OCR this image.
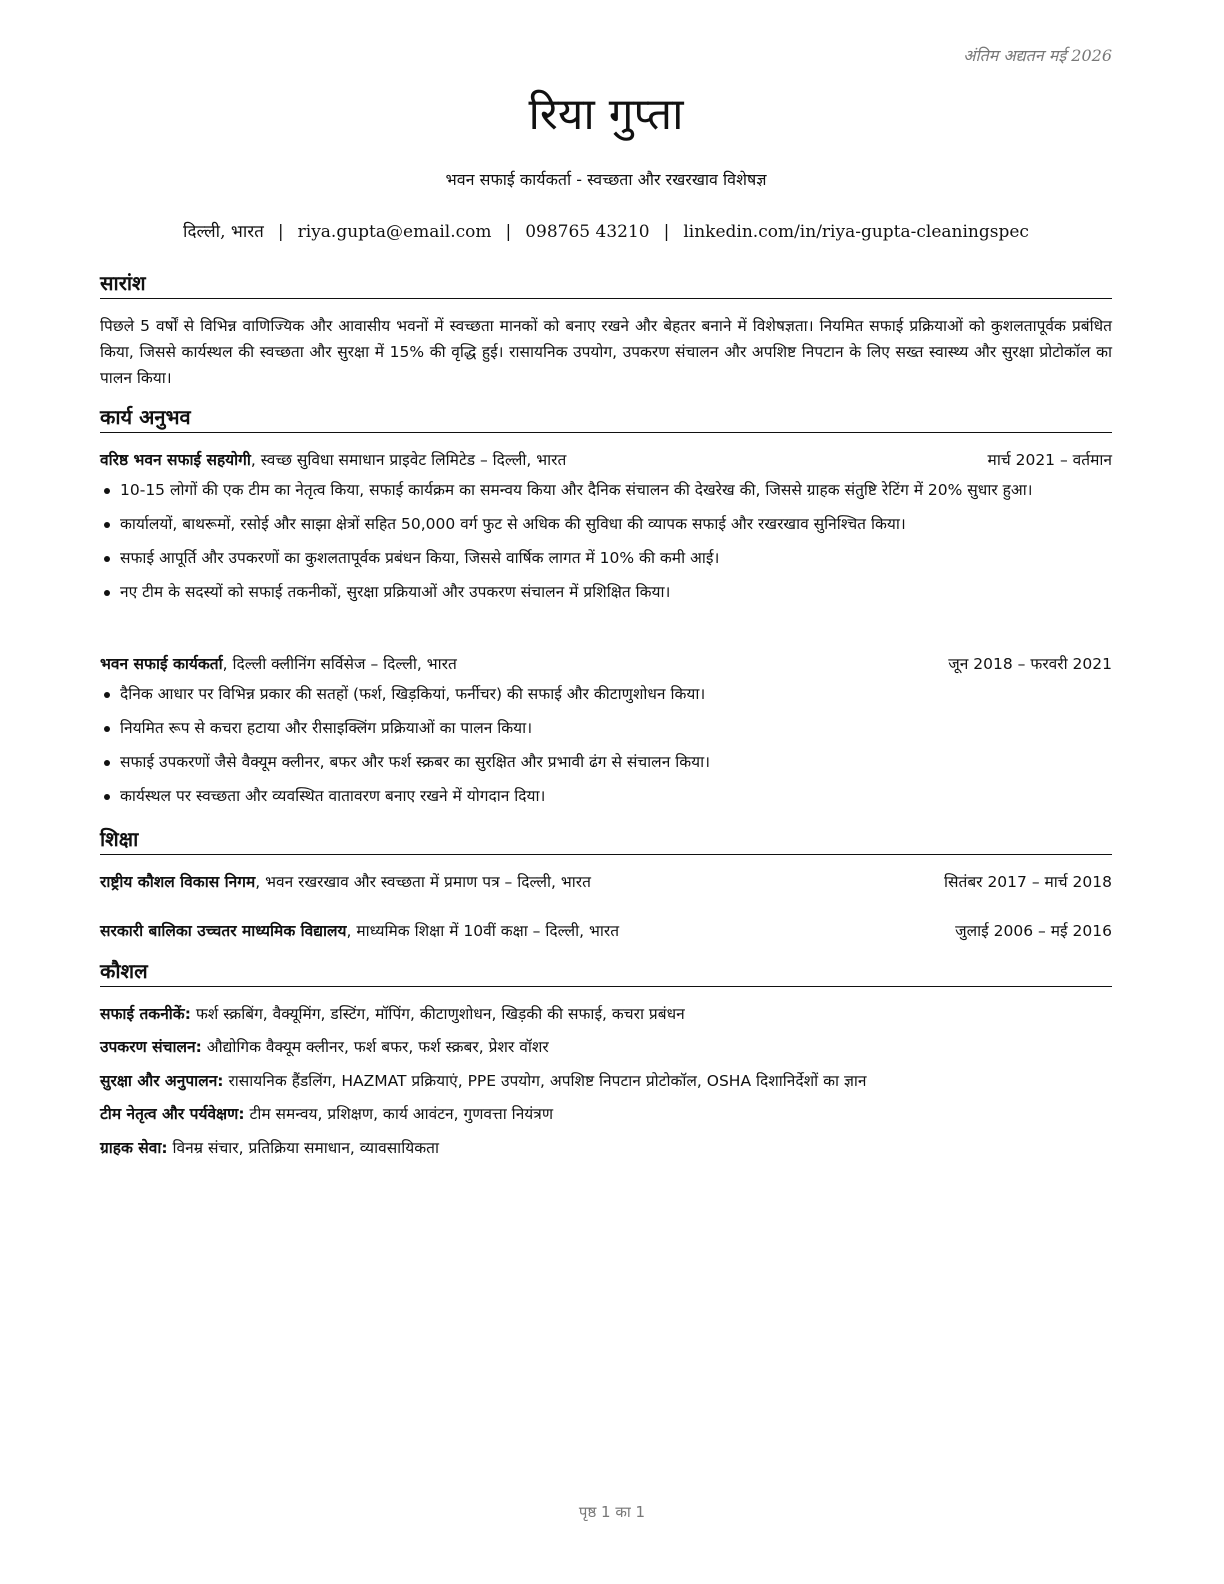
अंतिम अद्यतन मई 2026
रिया गुप्ता
भवन सफाई कार्यकर्ता - स्वच्छता और रखरखाव विशेषज्ञ
दिल्ली, भारत | riya.gupta@email.com | 098765 43210 | linkedin.com/in/riya-gupta-cleaningspec
सारांश
पिछले 5 वर्षों से विभिन्न वाणिज्यिक और आवासीय भवनों में स्वच्छता मानकों को बनाए रखने और बेहतर बनाने में विशेषज्ञता। नियमित सफाई प्रक्रियाओं को कुशलतापूर्वक प्रबंधित किया, जिससे कार्यस्थल की स्वच्छता और सुरक्षा में 15% की वृद्धि हुई। रासायनिक उपयोग, उपकरण संचालन और अपशिष्ट निपटान के लिए सख्त स्वास्थ्य और सुरक्षा प्रोटोकॉल का पालन किया।
कार्य अनुभव
वरिष्ठ भवन सफाई सहयोगी, स्वच्छ सुविधा समाधान प्राइवेट लिमिटेड – दिल्ली, भारत	मार्च 2021 – वर्तमान
10-15 लोगों की एक टीम का नेतृत्व किया, सफाई कार्यक्रम का समन्वय किया और दैनिक संचालन की देखरेख की, जिससे ग्राहक संतुष्टि रेटिंग में 20% सुधार हुआ।
कार्यालयों, बाथरूमों, रसोई और साझा क्षेत्रों सहित 50,000 वर्ग फुट से अधिक की सुविधा की व्यापक सफाई और रखरखाव सुनिश्चित किया।
सफाई आपूर्ति और उपकरणों का कुशलतापूर्वक प्रबंधन किया, जिससे वार्षिक लागत में 10% की कमी आई।
नए टीम के सदस्यों को सफाई तकनीकों, सुरक्षा प्रक्रियाओं और उपकरण संचालन में प्रशिक्षित किया।
भवन सफाई कार्यकर्ता, दिल्ली क्लीनिंग सर्विसेज – दिल्ली, भारत	जून 2018 – फरवरी 2021
दैनिक आधार पर विभिन्न प्रकार की सतहों (फर्श, खिड़कियां, फर्नीचर) की सफाई और कीटाणुशोधन किया।
नियमित रूप से कचरा हटाया और रीसाइक्लिंग प्रक्रियाओं का पालन किया।
सफाई उपकरणों जैसे वैक्यूम क्लीनर, बफर और फर्श स्क्रबर का सुरक्षित और प्रभावी ढंग से संचालन किया।
कार्यस्थल पर स्वच्छता और व्यवस्थित वातावरण बनाए रखने में योगदान दिया।
शिक्षा
राष्ट्रीय कौशल विकास निगम, भवन रखरखाव और स्वच्छता में प्रमाण पत्र – दिल्ली, भारत	सितंबर 2017 – मार्च 2018
सरकारी बालिका उच्चतर माध्यमिक विद्यालय, माध्यमिक शिक्षा में 10वीं कक्षा – दिल्ली, भारत	जुलाई 2006 – मई 2016
कौशल
सफाई तकनीकें: फर्श स्क्रबिंग, वैक्यूमिंग, डस्टिंग, मॉपिंग, कीटाणुशोधन, खिड़की की सफाई, कचरा प्रबंधन
उपकरण संचालन: औद्योगिक वैक्यूम क्लीनर, फर्श बफर, फर्श स्क्रबर, प्रेशर वॉशर
सुरक्षा और अनुपालन: रासायनिक हैंडलिंग, HAZMAT प्रक्रियाएं, PPE उपयोग, अपशिष्ट निपटान प्रोटोकॉल, OSHA दिशानिर्देशों का ज्ञान
टीम नेतृत्व और पर्यवेक्षण: टीम समन्वय, प्रशिक्षण, कार्य आवंटन, गुणवत्ता नियंत्रण
ग्राहक सेवा: विनम्र संचार, प्रतिक्रिया समाधान, व्यावसायिकता
पृष्ठ 1 का 1
